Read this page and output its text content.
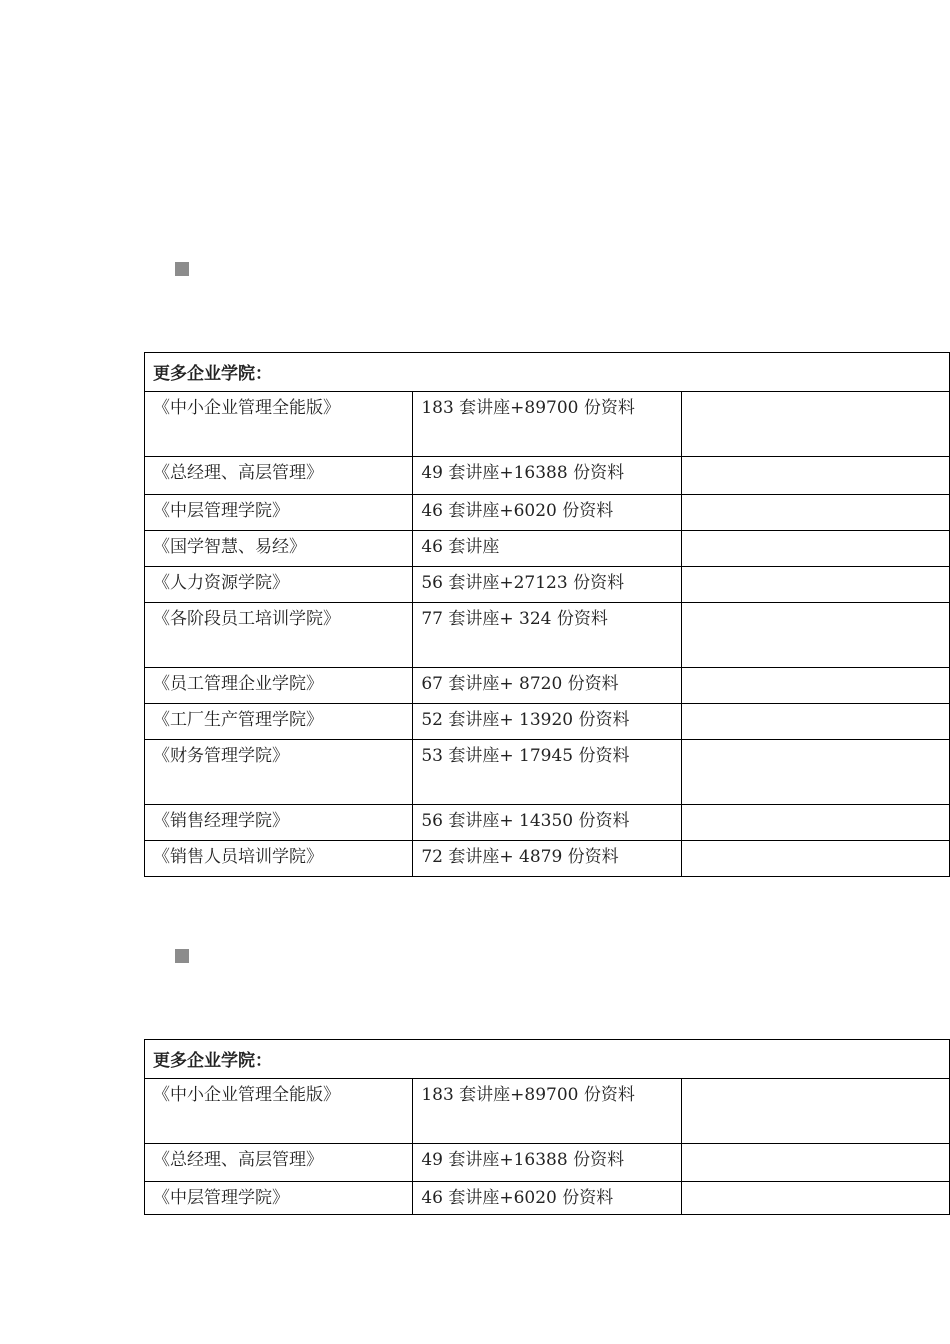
更多企业学院：		
《中小企业管理全能版》	183 套讲座+89700 份资料	
《总经理、高层管理》	49 套讲座+16388 份资料	
《中层管理学院》	46 套讲座+6020 份资料	
《国学智慧、易经》	46 套讲座	
《人力资源学院》	56 套讲座+27123 份资料	
《各阶段员工培训学院》	77 套讲座+ 324 份资料	
《员工管理企业学院》	67 套讲座+ 8720 份资料	
《工厂生产管理学院》	52 套讲座+ 13920 份资料	
《财务管理学院》	53 套讲座+ 17945 份资料	
《销售经理学院》	56 套讲座+ 14350 份资料	
《销售人员培训学院》	72 套讲座+ 4879 份资料	
更多企业学院：		
《中小企业管理全能版》	183 套讲座+89700 份资料	
《总经理、高层管理》	49 套讲座+16388 份资料	
《中层管理学院》	46 套讲座+6020 份资料	
